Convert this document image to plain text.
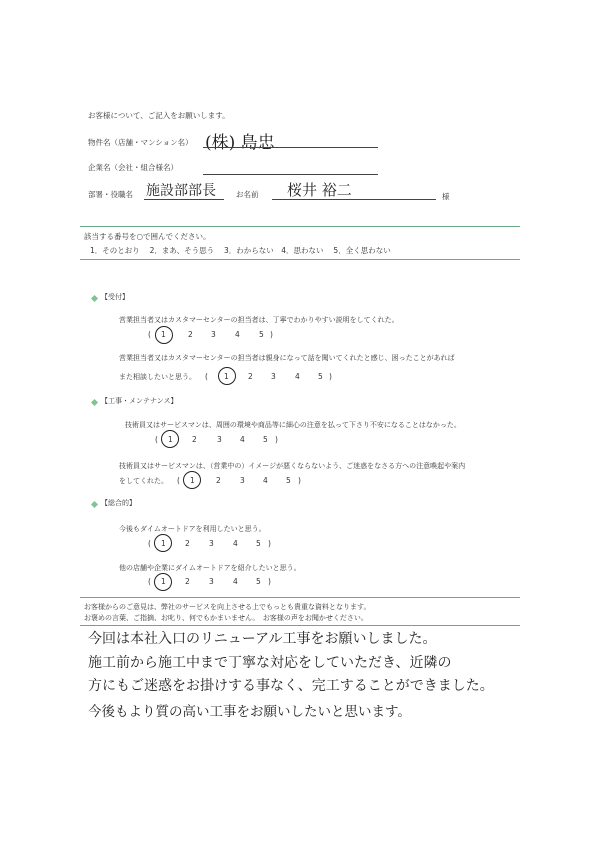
お客様について、ご記入をお願いします。
物件名（店舗・マンション名） (株) 島忠
企業名（会社・組合様名）
部署・役職名 施設部部長	お名前 桜井 裕二	様
該当する番号を○で囲んでください。
1．そのとおり　 2．まあ、そう思う　 3．わからない　4．思わない　 5．全く思わない
【受付】
営業担当者又はカスタマーセンターの担当者は、丁寧でわかりやすい説明をしてくれた。
( 1	2 3	4	5 )
営業担当者又はカスタマーセンターの担当者は親身になって話を聞いてくれたと感じ、困ったことがあれば
また相談したいと思う。 ( 1	2 3	4 5 )
【工事・メンテナンス】
技術員又はサービスマンは、周囲の環境や商品等に細心の注意を払って下さり不安になることはなかった。
( 1	2	3 4 5 )
技術員又はサービスマンは、（営業中の）イメージが悪くならないよう、ご迷惑をなさる方への注意喚起や案内
をしてくれた。 ( 1	2	3 4 5 )
【総合的】
今後もダイムオートドアを利用したいと思う。
( 1	2	3	4 5 )
他の店舗や企業にダイムオートドアを紹介したいと思う。
( 1	2	3	4 5 )
お客様からのご意見は、弊社のサービスを向上させる上でもっとも貴重な資料となります。
お褒めの言葉、ご指摘、お叱り、何でもかまいません。　お客様の声をお聞かせください。
今回は本社入口のリニューアル工事をお願いしました。
施工前から施工中まで丁寧な対応をしていただき、近隣の
方にもご迷惑をお掛けする事なく、完工することができました。
今後もより質の高い工事をお願いしたいと思います。
